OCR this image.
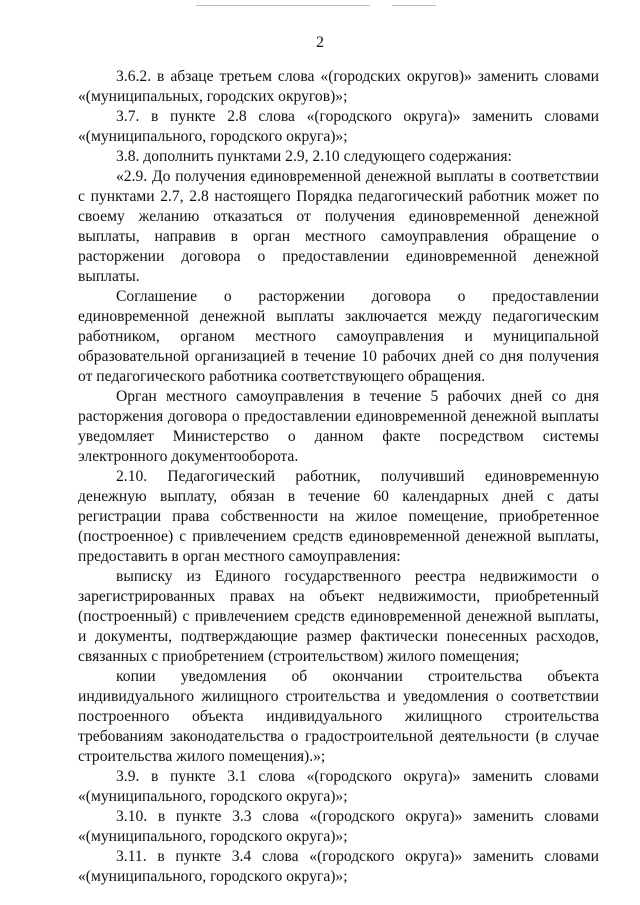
2

3.6.2. в абзаце третьем слова «(городских округов)» заменить словами «(муниципальных, городских округов)»;

3.7. в пункте 2.8 слова «(городского округа)» заменить словами «(муниципального, городского округа)»;

3.8. дополнить пунктами 2.9, 2.10 следующего содержания:

«2.9. До получения единовременной денежной выплаты в соответствии с пунктами 2.7, 2.8 настоящего Порядка педагогический работник может по своему желанию отказаться от получения единовременной денежной выплаты, направив в орган местного самоуправления обращение о расторжении договора о предоставлении единовременной денежной выплаты.

Соглашение о расторжении договора о предоставлении единовременной денежной выплаты заключается между педагогическим работником, органом местного самоуправления и муниципальной образовательной организацией в течение 10 рабочих дней со дня получения от педагогического работника соответствующего обращения.

Орган местного самоуправления в течение 5 рабочих дней со дня расторжения договора о предоставлении единовременной денежной выплаты уведомляет Министерство о данном факте посредством системы электронного документооборота.

2.10. Педагогический работник, получивший единовременную денежную выплату, обязан в течение 60 календарных дней с даты регистрации права собственности на жилое помещение, приобретенное (построенное) с привлечением средств единовременной денежной выплаты, предоставить в орган местного самоуправления:

выписку из Единого государственного реестра недвижимости о зарегистрированных правах на объект недвижимости, приобретенный (построенный) с привлечением средств единовременной денежной выплаты, и документы, подтверждающие размер фактически понесенных расходов, связанных с приобретением (строительством) жилого помещения;

копии уведомления об окончании строительства объекта индивидуального жилищного строительства и уведомления о соответствии построенного объекта индивидуального жилищного строительства требованиям законодательства о градостроительной деятельности (в случае строительства жилого помещения).»;

3.9. в пункте 3.1 слова «(городского округа)» заменить словами «(муниципального, городского округа)»;

3.10. в пункте 3.3 слова «(городского округа)» заменить словами «(муниципального, городского округа)»;

3.11. в пункте 3.4 слова «(городского округа)» заменить словами «(муниципального, городского округа)»;
